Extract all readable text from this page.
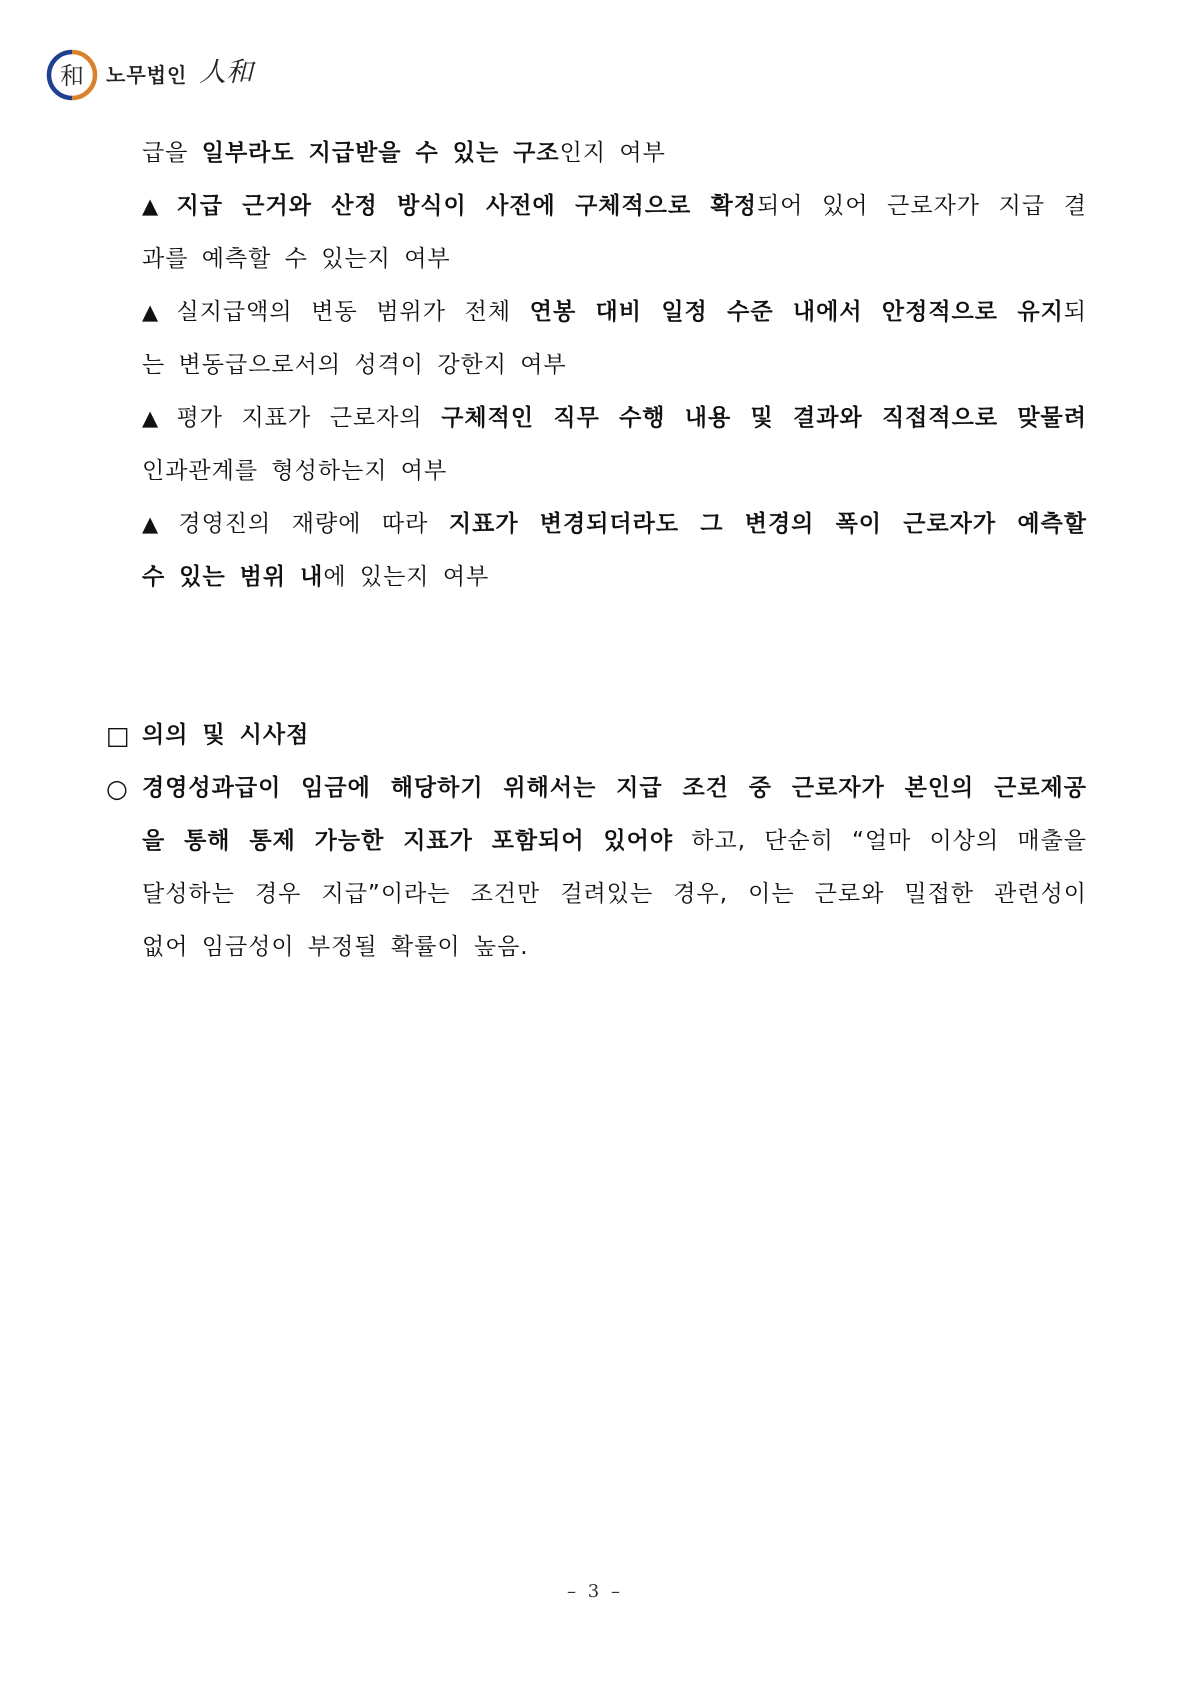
和 노무법인 人和
급을 일부라도 지급받을 수 있는 구조인지 여부
▲ 지급 근거와 산정 방식이 사전에 구체적으로 확정되어 있어 근로자가 지급 결
과를 예측할 수 있는지 여부
▲ 실지급액의 변동 범위가 전체 연봉 대비 일정 수준 내에서 안정적으로 유지되
는 변동급으로서의 성격이 강한지 여부
▲ 평가 지표가 근로자의 구체적인 직무 수행 내용 및 결과와 직접적으로 맞물려
인과관계를 형성하는지 여부
▲ 경영진의 재량에 따라 지표가 변경되더라도 그 변경의 폭이 근로자가 예측할
수 있는 범위 내에 있는지 여부
□ 의의 및 시사점
○ 경영성과급이 임금에 해당하기 위해서는 지급 조건 중 근로자가 본인의 근로제공
을 통해 통제 가능한 지표가 포함되어 있어야 하고, 단순히 “얼마 이상의 매출을
달성하는 경우 지급”이라는 조건만 걸려있는 경우, 이는 근로와 밀접한 관련성이
없어 임금성이 부정될 확률이 높음.
– 3 –
